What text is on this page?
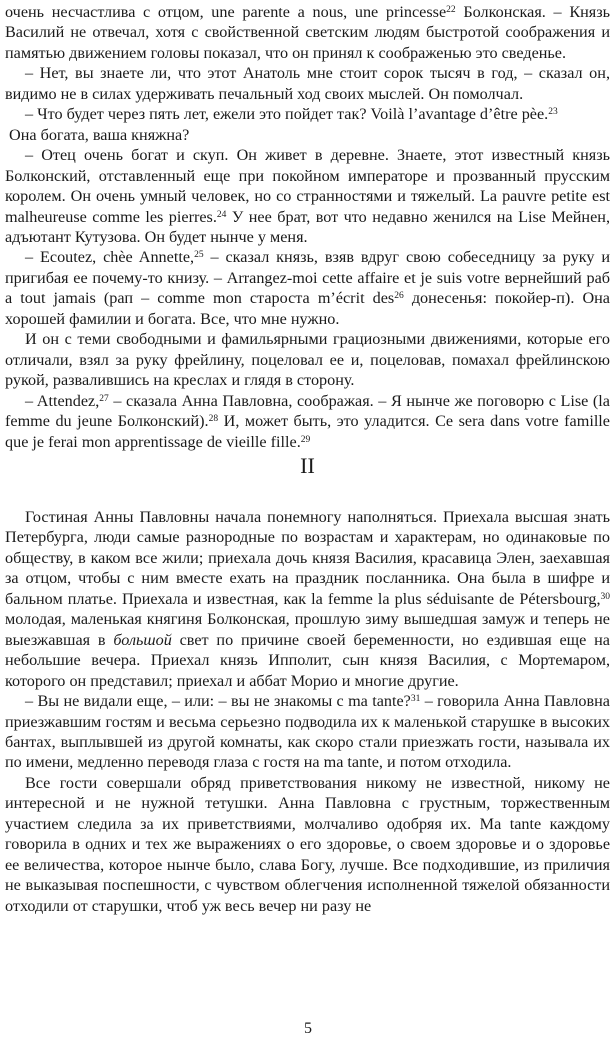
очень несчастлива с отцом, une parente a nous, une princesse$^{22}$ Болконская. – Князь Василий не отвечал, хотя с свойственной светским людям быстротой соображения и памятью движением головы показал, что он принял к соображенью это сведенье.

– Нет, вы знаете ли, что этот Анатоль мне стоит сорок тысяч в год, – сказал он, видимо не в силах удерживать печальный ход своих мыслей. Он помолчал.

– Что будет через пять лет, ежели это пойдет так? Voilà l’avantage d’être pèe.$^{23}$

Она богата, ваша княжна?

– Отец очень богат и скуп. Он живет в деревне. Знаете, этот известный князь Болконский, отставленный еще при покойном императоре и прозванный прусским королем. Он очень умный человек, но со странностями и тяжелый. La pauvre petite est malheureuse comme les pierres.$^{24}$ У нее брат, вот что недавно женился на Lise Мейнен, адъютант Кутузова. Он будет нынче у меня.

– Ecoutez, chèe Annette,$^{25}$ – сказал князь, взяв вдруг свою собеседницу за руку и пригибая ее почему-то книзу. – Arrangez-moi cette affaire et je suis votre вернейший раб a tout jamais (рап – comme mon староста m’écrit des$^{26}$ донесенья: покойер-п). Она хорошей фамилии и богата. Все, что мне нужно.

И он с теми свободными и фамильярными грациозными движениями, которые его отличали, взял за руку фрейлину, поцеловал ее и, поцеловав, помахал фрейлинскою рукой, развалившись на креслах и глядя в сторону.

– Attendez,$^{27}$ – сказала Анна Павловна, соображая. – Я нынче же поговорю с Lise (la femme du jeune Болконский).$^{28}$ И, может быть, это уладится. Ce sera dans votre famille que je ferai mon apprentissage de vieille fille.$^{29}$

II

Гостиная Анны Павловны начала понемногу наполняться. Приехала высшая знать Петербурга, люди самые разнородные по возрастам и характерам, но одинаковые по обществу, в каком все жили; приехала дочь князя Василия, красавица Элен, заехавшая за отцом, чтобы с ним вместе ехать на праздник посланника. Она была в шифре и бальном платье. Приехала и известная, как la femme la plus séduisante de Pétersbourg,$^{30}$ молодая, маленькая княгиня Болконская, прошлую зиму вышедшая замуж и теперь не выезжавшая в большой свет по причине своей беременности, но ездившая еще на небольшие вечера. Приехал князь Ипполит, сын князя Василия, с Мортемаром, которого он представил; приехал и аббат Морио и многие другие.

– Вы не видали еще, – или: – вы не знакомы с ma tante?$^{31}$ – говорила Анна Павловна приезжавшим гостям и весьма серьезно подводила их к маленькой старушке в высоких бантах, выплывшей из другой комнаты, как скоро стали приезжать гости, называла их по имени, медленно переводя глаза с гостя на ma tante, и потом отходила.

Все гости совершали обряд приветствования никому не известной, никому не интересной и не нужной тетушки. Анна Павловна с грустным, торжественным участием следила за их приветствиями, молчаливо одобряя их. Ma tante каждому говорила в одних и тех же выражениях о его здоровье, о своем здоровье и о здоровье ее величества, которое нынче было, слава Богу, лучше. Все подходившие, из приличия не выказывая поспешности, с чувством облегчения исполненной тяжелой обязанности отходили от старушки, чтоб уж весь вечер ни разу не

5
